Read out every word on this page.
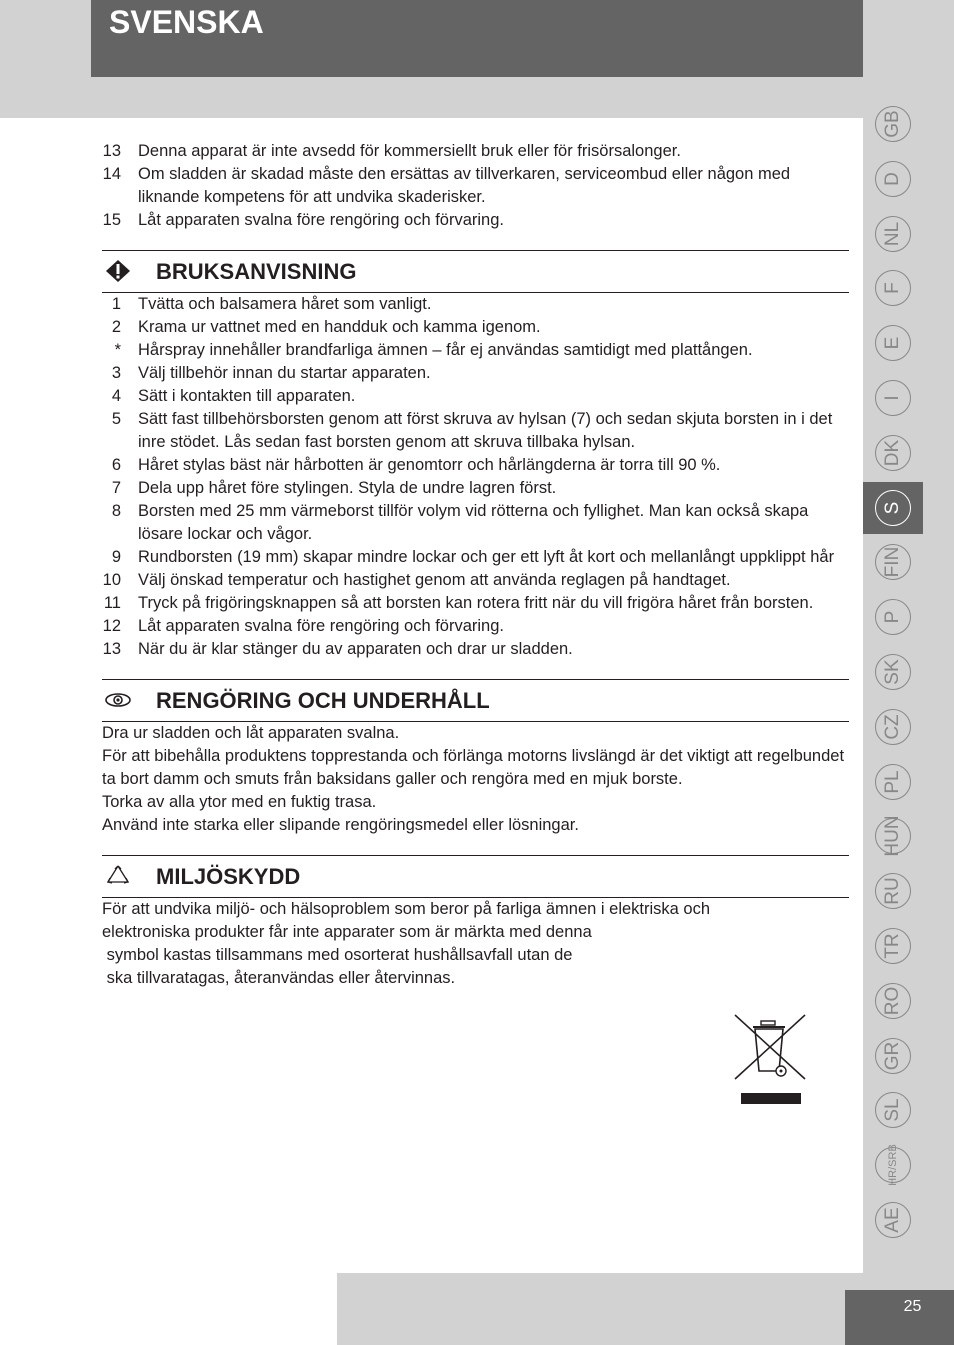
SVENSKA
13 Denna apparat är inte avsedd för kommersiellt bruk eller för frisörsalonger.
14 Om sladden är skadad måste den ersättas av tillverkaren, serviceombud eller någon med liknande kompetens för att undvika skaderisker.
15 Låt apparaten svalna före rengöring och förvaring.
BRUKSANVISNING
1 Tvätta och balsamera håret som vanligt.
2 Krama ur vattnet med en handduk och kamma igenom.
* Hårspray innehåller brandfarliga ämnen – får ej användas samtidigt med plattången.
3 Välj tillbehör innan du startar apparaten.
4 Sätt i kontakten till apparaten.
5 Sätt fast tillbehörsborsten genom att först skruva av hylsan (7) och sedan skjuta borsten in i det inre stödet. Lås sedan fast borsten genom att skruva tillbaka hylsan.
6 Håret stylas bäst när hårbotten är genomtorr och hårlängderna är torra till 90 %.
7 Dela upp håret före stylingen. Styla de undre lagren först.
8 Borsten med 25 mm värmeborst tillför volym vid rötterna och fyllighet. Man kan också skapa lösare lockar och vågor.
9 Rundborsten (19 mm) skapar mindre lockar och ger ett lyft åt kort och mellanlångt uppklippt hår
10 Välj önskad temperatur och hastighet genom att använda reglagen på handtaget.
11 Tryck på frigöringsknappen så att borsten kan rotera fritt när du vill frigöra håret från borsten.
12 Låt apparaten svalna före rengöring och förvaring.
13 När du är klar stänger du av apparaten och drar ur sladden.
RENGÖRING OCH UNDERHÅLL

Dra ur sladden och låt apparaten svalna.

För att bibehålla produktens topprestanda och förlänga motorns livslängd är det viktigt att regelbundet ta bort damm och smuts från baksidans galler och rengöra med en mjuk borste.

Torka av alla ytor med en fuktig trasa.

Använd inte starka eller slipande rengöringsmedel eller lösningar.

MILJÖSKYDD

För att undvika miljö- och hälsoproblem som beror på farliga ämnen i elektriska och

elektroniska produkter får inte apparater som är märkta med denna

symbol kastas tillsammans med osorterat hushållsavfall utan de

ska tillvaratagas, återanvändas eller återvinnas.

GB
D
NL
F
E
I
DK
S
FIN
P
SK
CZ
PL
HUN
RU
TR
RO
GR
SL
HR/SRB
AE
25
